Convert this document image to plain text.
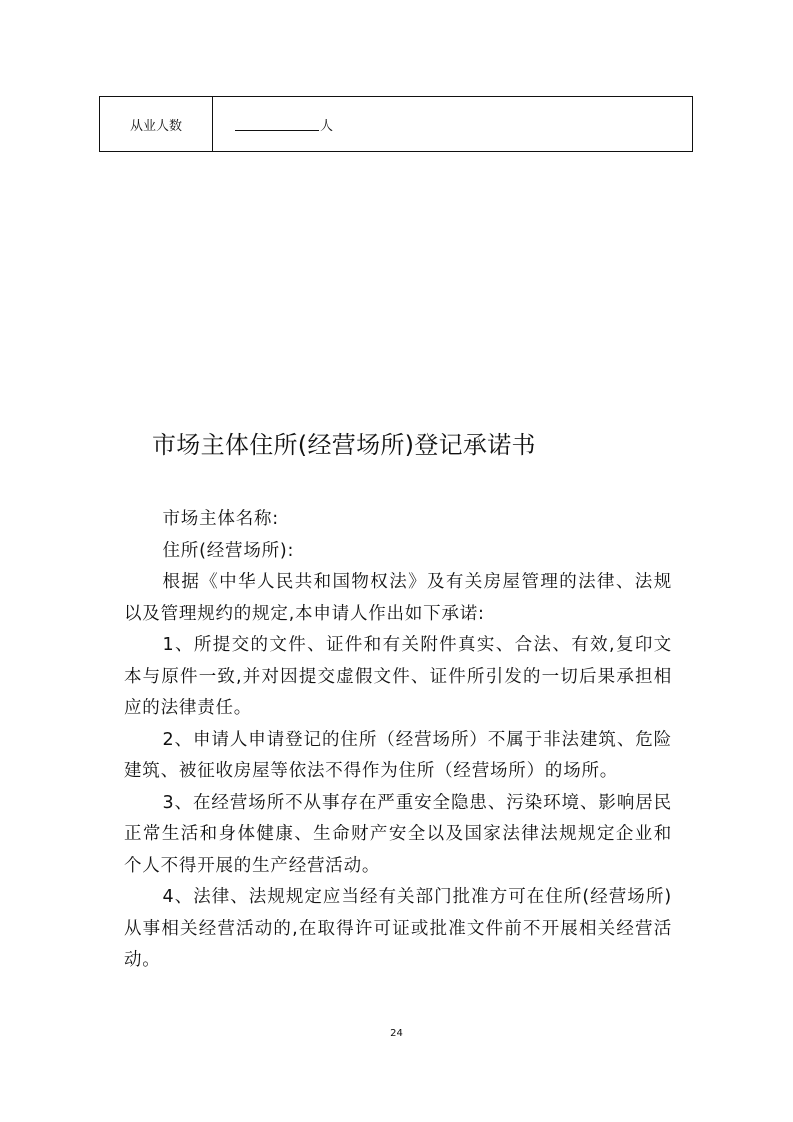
从业人数	人
市场主体住所(经营场所)登记承诺书

市场主体名称:

住所(经营场所):

根据《中华人民共和国物权法》及有关房屋管理的法律、法规以及管理规约的规定,本申请人作出如下承诺:

1、所提交的文件、证件和有关附件真实、合法、有效,复印文本与原件一致,并对因提交虚假文件、证件所引发的一切后果承担相应的法律责任。

2、申请人申请登记的住所（经营场所）不属于非法建筑、危险建筑、被征收房屋等依法不得作为住所（经营场所）的场所。

3、在经营场所不从事存在严重安全隐患、污染环境、影响居民正常生活和身体健康、生命财产安全以及国家法律法规规定企业和个人不得开展的生产经营活动。

4、法律、法规规定应当经有关部门批准方可在住所(经营场所)从事相关经营活动的,在取得许可证或批准文件前不开展相关经营活动。

24
